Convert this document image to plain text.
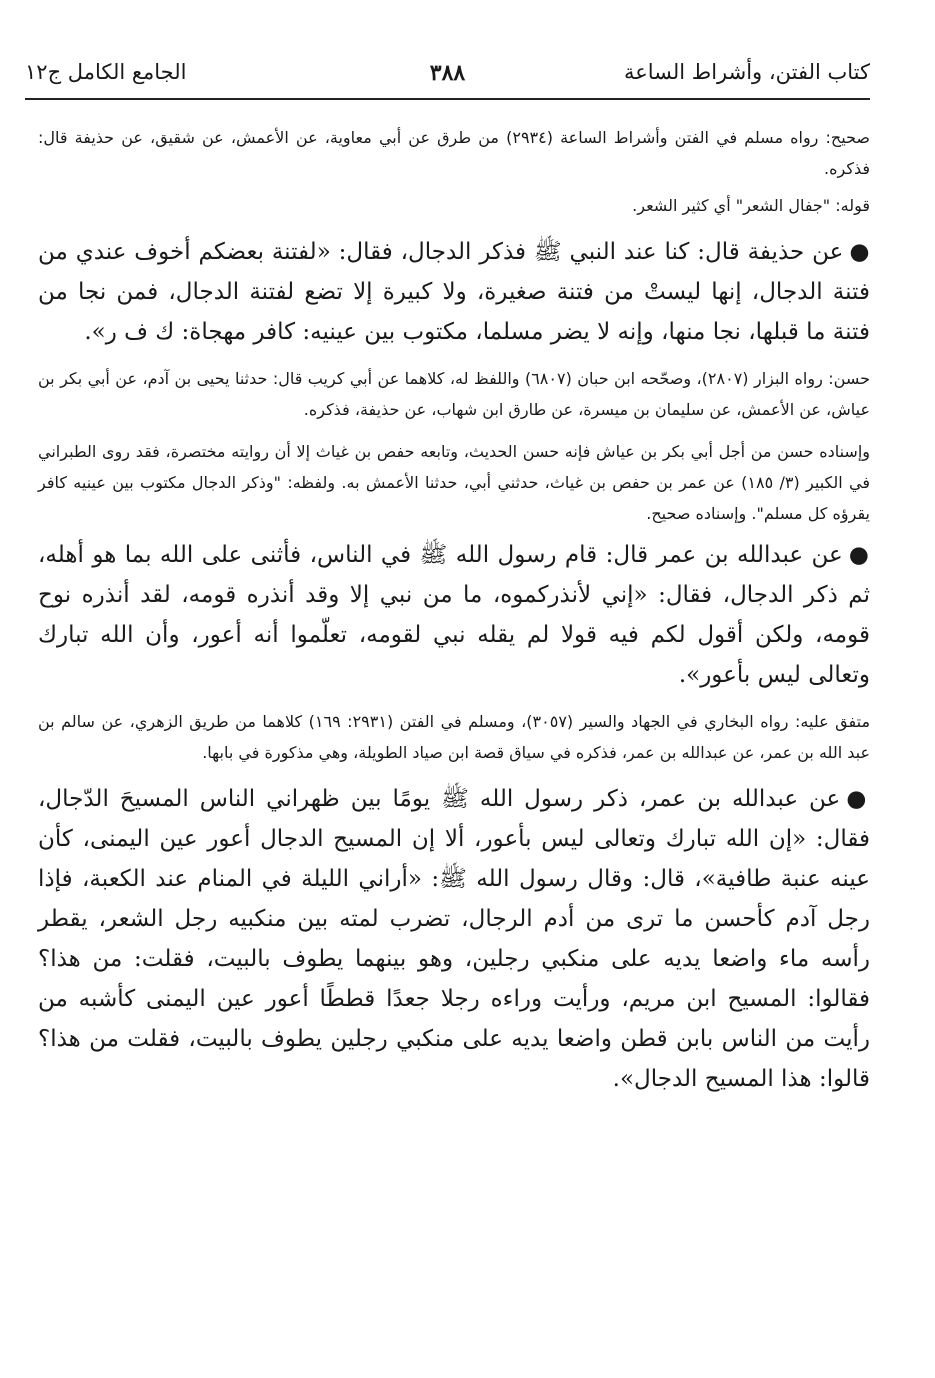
كتاب الفتن، وأشراط الساعة
٣٨٨
الجامع الكامل ج١٢

صحيح: رواه مسلم في الفتن وأشراط الساعة (٢٩٣٤) من طرق عن أبي معاوية، عن الأعمش، عن شقيق، عن حذيفة قال: فذكره.

قوله: "جفال الشعر" أي كثير الشعر.

●عن حذيفة قال: كنا عند النبي ﷺ فذكر الدجال، فقال: «لفتنة بعضكم أخوف عندي من فتنة الدجال، إنها ليستْ من فتنة صغيرة، ولا كبيرة إلا تضع لفتنة الدجال، فمن نجا من فتنة ما قبلها، نجا منها، وإنه لا يضر مسلما، مكتوب بين عينيه: كافر مهجاة: ك ف ر».

حسن: رواه البزار (٢٨٠٧)، وصحّحه ابن حبان (٦٨٠٧) واللفظ له، كلاهما عن أبي كريب قال: حدثنا يحيى بن آدم، عن أبي بكر بن عياش، عن الأعمش، عن سليمان بن ميسرة، عن طارق ابن شهاب، عن حذيفة، فذكره.

وإسناده حسن من أجل أبي بكر بن عياش فإنه حسن الحديث، وتابعه حفص بن غياث إلا أن روايته مختصرة، فقد روى الطبراني في الكبير (٣/ ١٨٥) عن عمر بن حفص بن غياث، حدثني أبي، حدثنا الأعمش به. ولفظه: "وذكر الدجال مكتوب بين عينيه كافر يقرؤه كل مسلم". وإسناده صحيح.

●عن عبدالله بن عمر قال: قام رسول الله ﷺ في الناس، فأثنى على الله بما هو أهله، ثم ذكر الدجال، فقال: «إني لأنذركموه، ما من نبي إلا وقد أنذره قومه، لقد أنذره نوح قومه، ولكن أقول لكم فيه قولا لم يقله نبي لقومه، تعلّموا أنه أعور، وأن الله تبارك وتعالى ليس بأعور».

متفق عليه: رواه البخاري في الجهاد والسير (٣٠٥٧)، ومسلم في الفتن (٢٩٣١: ١٦٩) كلاهما من طريق الزهري، عن سالم بن عبد الله بن عمر، عن عبدالله بن عمر، فذكره في سياق قصة ابن صياد الطويلة، وهي مذكورة في بابها.

●عن عبدالله بن عمر، ذكر رسول الله ﷺ يومًا بين ظهراني الناس المسيحَ الدّجال، فقال: «إن الله تبارك وتعالى ليس بأعور، ألا إن المسيح الدجال أعور عين اليمنى، كأن عينه عنبة طافية»، قال: وقال رسول الله ﷺ: «أراني الليلة في المنام عند الكعبة، فإذا رجل آدم كأحسن ما ترى من أدم الرجال، تضرب لمته بين منكبيه رجل الشعر، يقطر رأسه ماء واضعا يديه على منكبي رجلين، وهو بينهما يطوف بالبيت، فقلت: من هذا؟ فقالوا: المسيح ابن مريم، ورأيت وراءه رجلا جعدًا قططًا أعور عين اليمنى كأشبه من رأيت من الناس بابن قطن واضعا يديه على منكبي رجلين يطوف بالبيت، فقلت من هذا؟ قالوا: هذا المسيح الدجال».
